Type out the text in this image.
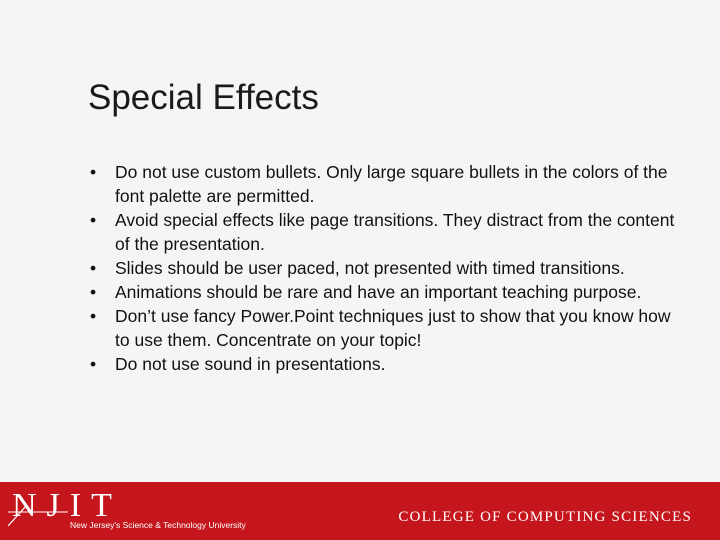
Special Effects
• Do not use custom bullets. Only large square bullets in the colors of the font palette are permitted.
• Avoid special effects like page transitions. They distract from the content of the presentation.
• Slides should be user paced, not presented with timed transitions.
• Animations should be rare and have an important teaching purpose.
• Don’t use fancy Power.Point techniques just to show that you know how to use them. Concentrate on your topic!
• Do not use sound in presentations.
NJIT
New Jersey's Science & Technology University	COLLEGE OF COMPUTING SCIENCES
